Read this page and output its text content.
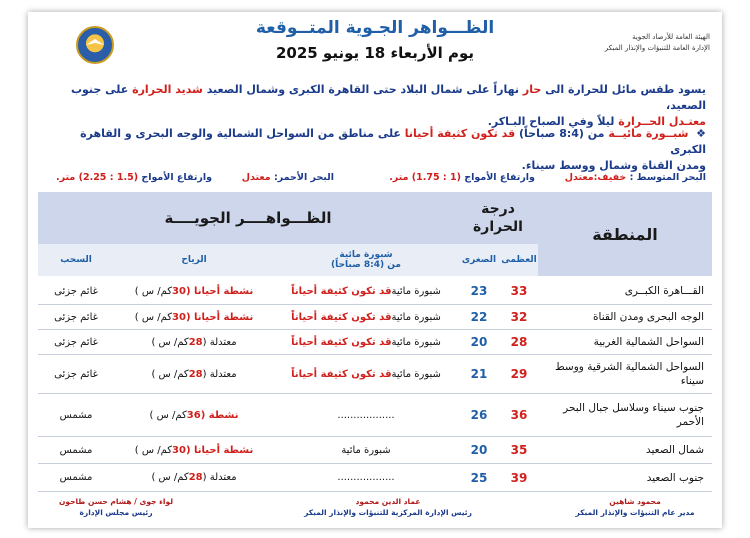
الظـــواهر الجـوية المتــوقعة
يوم الأربعاء 18 يونيو 2025
الهيئة العامة للأرصاد الجوية
الإدارة العامة للتنبؤات والإنذار المبكر
يسود طقس مائل للحرارة الى حار نهاراً على شمال البلاد حتى القاهرة الكبرى وشمال الصعيد شديد الحرارة على جنوب الصعيد،
معتـدل الحــرارة ليلاً وفي الصباح البـاكر.
❖  شبــورة مائيــة من (8:4 صباحاً) قد تكون كثيفة أحيانا على مناطق من السواحل الشمالية والوجه البحرى و القاهرة الكبرى
ومدن القناة وشمال ووسط سيناء.
البحر المتوسط : خفيف:معتدل         وارتفاع الأمواج (1 : 1.75) متر.
البحر الأحمر: معتدل         وارتفاع الأمواج (1.5 : 2.25) متر.
المنطقة
درجة الحرارة
الظـــواهــــر الجويــــة
العظمى
الصغرى
شبورة مائية
من (8:4 صباحاً)
الرياح
السحب
القـــاهرة الكبــرى
33
23
شبورة مائية
قد تكون كثيفة أحياناً
نشطة أحيانا (
30
كم/ س )
غائم جزئى
الوجه البحرى ومدن القناة
32
22
شبورة مائية
قد تكون كثيفة أحياناً
نشطة أحيانا (
30
كم/ س )
غائم جزئى
السواحل الشمالية الغربية
28
20
شبورة مائية
قد تكون كثيفة أحياناً
معتدلة (
28
كم/ س )
غائم جزئى
السواحل الشمالية الشرقية ووسط سيناء
29
21
شبورة مائية
قد تكون كثيفة أحياناً
معتدلة (
28
كم/ س )
غائم جزئى
جنوب سيناء وسلاسل جبال البحر الأحمر
36
26
..................
نشطة (
36
كم/ س )
مشمس
شمال الصعيد
35
20
شبورة مائية
نشطة أحيانا (
30
كم/ س )
مشمس
جنوب الصعيد
39
25
..................
معتدلة (
28
كم/ س )
مشمس
محمود شاهين
مدير عام التنبؤات والإنذار المبكر
عماد الدين محمود
رئيس الإدارة المركزية للتنبؤات والإنذار المبكر
لواء جوى / هشام حسن طاحون
رئيس مجلس الإدارة
